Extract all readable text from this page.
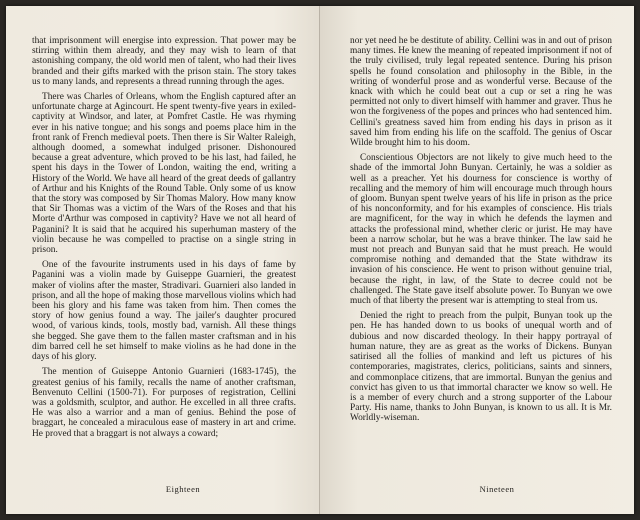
that imprisonment will energise into expression. That power may be stirring within them already, and they may wish to learn of that astonishing company, the old world men of talent, who had their lives branded and their gifts marked with the prison stain. The story takes us to many lands, and represents a thread running through the ages.

There was Charles of Orleans, whom the English captured after an unfortunate charge at Agincourt. He spent twenty-five years in exiled-captivity at Windsor, and later, at Pomfret Castle. He was rhyming ever in his native tongue; and his songs and poems place him in the front rank of French medieval poets. Then there is Sir Walter Raleigh, although doomed, a somewhat indulged prisoner. Dishonoured because a great adventure, which proved to be his last, had failed, he spent his days in the Tower of London, waiting the end, writing a History of the World. We have all heard of the great deeds of gallantry of Arthur and his Knights of the Round Table. Only some of us know that the story was composed by Sir Thomas Malory. How many know that Sir Thomas was a victim of the Wars of the Roses and that his Morte d'Arthur was composed in captivity? Have we not all heard of Paganini? It is said that he acquired his superhuman mastery of the violin because he was compelled to practise on a single string in prison.

One of the favourite instruments used in his days of fame by Paganini was a violin made by Guiseppe Guarnieri, the greatest maker of violins after the master, Stradivari. Guarnieri also landed in prison, and all the hope of making those marvellous violins which had been his glory and his fame was taken from him. Then comes the story of how genius found a way. The jailer's daughter procured wood, of various kinds, tools, mostly bad, varnish. All these things she begged. She gave them to the fallen master craftsman and in his dim barred cell he set himself to make violins as he had done in the days of his glory.

The mention of Guiseppe Antonio Guarnieri (1683-1745), the greatest genius of his family, recalls the name of another craftsman, Benvenuto Cellini (1500-71). For purposes of registration, Cellini was a goldsmith, sculptor, and author. He excelled in all three crafts. He was also a warrior and a man of genius. Behind the pose of braggart, he concealed a miraculous ease of mastery in art and crime. He proved that a braggart is not always a coward;

Eighteen

nor yet need he be destitute of ability. Cellini was in and out of prison many times. He knew the meaning of repeated imprisonment if not of the truly civilised, truly legal repeated sentence. During his prison spells he found consolation and philosophy in the Bible, in the writing of wonderful prose and as wonderful verse. Because of the knack with which he could beat out a cup or set a ring he was permitted not only to divert himself with hammer and graver. Thus he won the forgiveness of the popes and princes who had sentenced him. Cellini's greatness saved him from ending his days in prison as it saved him from ending his life on the scaffold. The genius of Oscar Wilde brought him to his doom.

Conscientious Objectors are not likely to give much heed to the shade of the immortal John Bunyan. Certainly, he was a soldier as well as a preacher. Yet his dourness for conscience is worthy of recalling and the memory of him will encourage much through hours of gloom. Bunyan spent twelve years of his life in prison as the price of his nonconformity, and for his examples of conscience. His trials are magnificent, for the way in which he defends the laymen and attacks the professional mind, whether cleric or jurist. He may have been a narrow scholar, but he was a brave thinker. The law said he must not preach and Bunyan said that he must preach. He would compromise nothing and demanded that the State withdraw its invasion of his conscience. He went to prison without genuine trial, because the right, in law, of the State to decree could not be challenged. The State gave itself absolute power. To Bunyan we owe much of that liberty the present war is attempting to steal from us.

Denied the right to preach from the pulpit, Bunyan took up the pen. He has handed down to us books of unequal worth and of dubious and now discarded theology. In their happy portrayal of human nature, they are as great as the works of Dickens. Bunyan satirised all the follies of mankind and left us pictures of his contemporaries, magistrates, clerics, politicians, saints and sinners, and commonplace citizens, that are immortal. Bunyan the genius and convict has given to us that immortal character we know so well. He is a member of every church and a strong supporter of the Labour Party. His name, thanks to John Bunyan, is known to us all. It is Mr. Worldly-wiseman.

Nineteen
